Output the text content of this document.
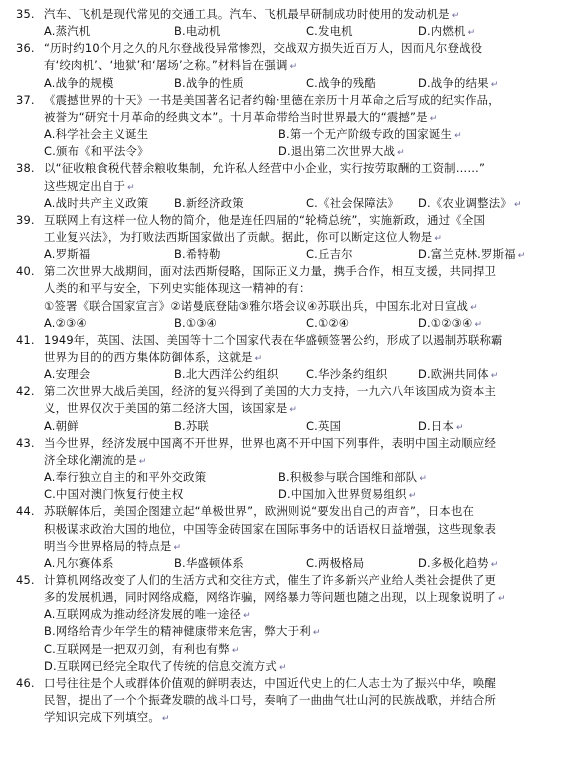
35. 汽车、飞机是现代常见的交通工具。汽车、飞机最早研制成功时使用的发动机是 ↵
A.蒸汽机	B.电动机	C.发电机	D.内燃机 ↵
36. “历时约10个月之久的凡尔登战役异常惨烈，交战双方损失近百万人，因而凡尔登战役
有‘绞肉机’、‘地狱’和‘屠场’之称。”材料旨在强调 ↵
A.战争的规模	B.战争的性质	C.战争的残酷	D.战争的结果 ↵
37. 《震撼世界的十天》一书是美国著名记者约翰·里德在亲历十月革命之后写成的纪实作品，
被誉为“研究十月革命的经典文本”。十月革命带给当时世界最大的“震撼”是 ↵
A.科学社会主义诞生	B.第一个无产阶级专政的国家诞生 ↵
C.颁布《和平法令》	D.退出第二次世界大战 ↵
38. 以“征收粮食税代替余粮收集制，允许私人经营中小企业，实行按劳取酬的工资制……”
这些规定出自于 ↵
A.战时共产主义政策 B.新经济政策	C.《社会保障法》 D.《农业调整法》 ↵
39. 互联网上有这样一位人物的简介，他是连任四届的“轮椅总统”，实施新政，通过《全国
工业复兴法》，为打败法西斯国家做出了贡献。据此，你可以断定这位人物是 ↵
A.罗斯福	B.希特勒	C.丘吉尔	D.富兰克林.罗斯福 ↵
40. 第二次世界大战期间，面对法西斯侵略，国际正义力量，携手合作，相互支援，共同捍卫
人类的和平与安全，下列史实能体现这一精神的有：
①签署《联合国家宣言》②诺曼底登陆③雅尔塔会议④苏联出兵，中国东北对日宣战 ↵
A.②③④	B.①③④	C.①②④	D.①②③④ ↵
41. 1949年，英国、法国、美国等十二个国家代表在华盛顿签署公约，形成了以遏制苏联称霸
世界为目的的西方集体防御体系，这就是 ↵
A.安理会	B.北大西洋公约组织 C.华沙条约组织	D.欧洲共同体 ↵
42. 第二次世界大战后美国，经济的复兴得到了美国的大力支持，一九六八年该国成为资本主
义，世界仅次于美国的第二经济大国，该国家是 ↵
A.朝鲜	B.苏联	C.英国	D.日本 ↵
43. 当今世界，经济发展中国离不开世界，世界也离不开中国下列事件，表明中国主动顺应经
济全球化潮流的是 ↵
A.奉行独立自主的和平外交政策	B.积极参与联合国维和部队 ↵
C.中国对澳门恢复行使主权	D.中国加入世界贸易组织 ↵
44. 苏联解体后，美国企图建立起“单极世界”，欧洲则说“要发出自己的声音”，日本也在
积极谋求政治大国的地位，中国等金砖国家在国际事务中的话语权日益增强，这些现象表
明当今世界格局的特点是 ↵
A.凡尔赛体系	B.华盛顿体系	C.两极格局	D.多极化趋势 ↵
45. 计算机网络改变了人们的生活方式和交往方式，催生了许多新兴产业给人类社会提供了更
多的发展机遇，同时网络成瘾，网络诈骗，网络暴力等问题也随之出现，以上现象说明了 ↵
A.互联网成为推动经济发展的唯一途径 ↵
B.网络给青少年学生的精神健康带来危害，弊大于利 ↵
C.互联网是一把双刃剑，有利也有弊 ↵
D.互联网已经完全取代了传统的信息交流方式 ↵
46. 口号往往是个人或群体价值观的鲜明表达，中国近代史上的仁人志士为了振兴中华，唤醒
民智，提出了一个个振聋发聩的战斗口号，奏响了一曲曲气壮山河的民族战歌，并结合所
学知识完成下列填空。 ↵
